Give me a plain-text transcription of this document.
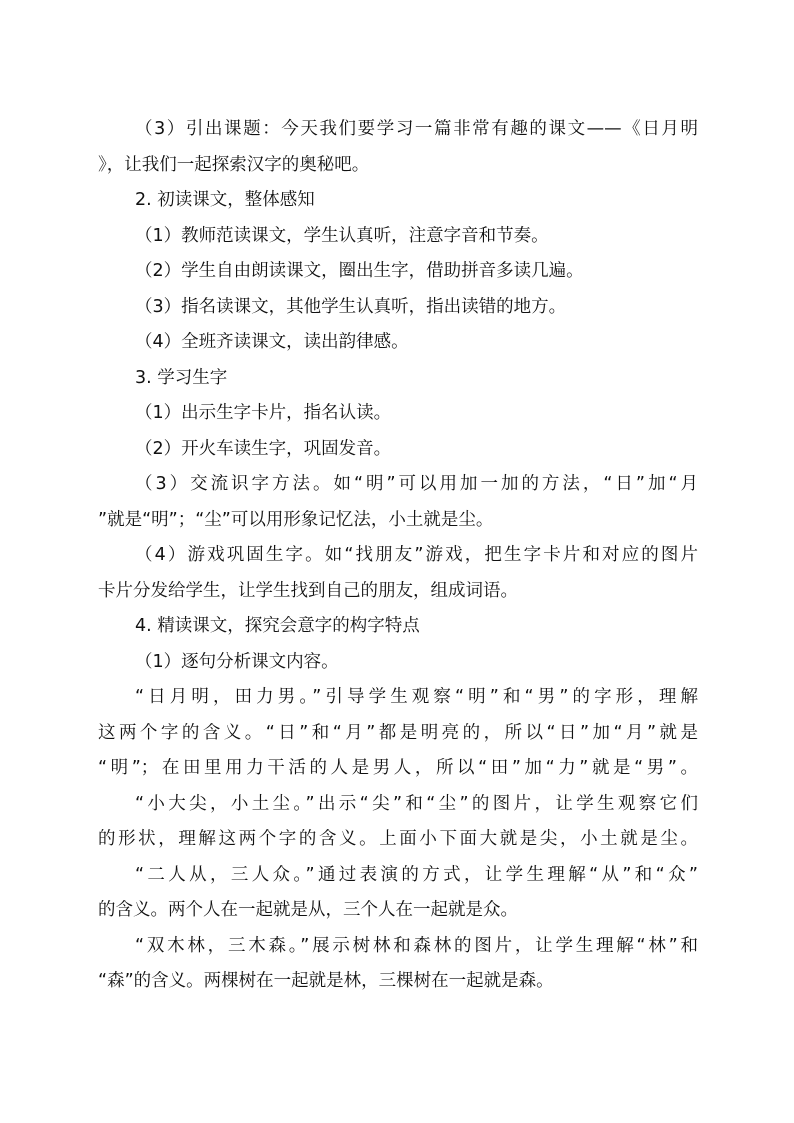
（3）引出课题：今天我们要学习一篇非常有趣的课文——《日月明
》，让我们一起探索汉字的奥秘吧。
2. 初读课文，整体感知
（1）教师范读课文，学生认真听，注意字音和节奏。
（2）学生自由朗读课文，圈出生字，借助拼音多读几遍。
（3）指名读课文，其他学生认真听，指出读错的地方。
（4）全班齐读课文，读出韵律感。
3. 学习生字
（1）出示生字卡片，指名认读。
（2）开火车读生字，巩固发音。
（3）交流识字方法。如“明”可以用加一加的方法，“日”加“月
”就是“明”；“尘”可以用形象记忆法，小土就是尘。
（4）游戏巩固生字。如“找朋友”游戏，把生字卡片和对应的图片
卡片分发给学生，让学生找到自己的朋友，组成词语。
4. 精读课文，探究会意字的构字特点
（1）逐句分析课文内容。
“日月明，田力男。”引导学生观察“明”和“男”的字形，理解
这两个字的含义。“日”和“月”都是明亮的，所以“日”加“月”就是
“明”；在田里用力干活的人是男人，所以“田”加“力”就是“男”。
“小大尖，小土尘。”出示“尖”和“尘”的图片，让学生观察它们
的形状，理解这两个字的含义。上面小下面大就是尖，小土就是尘。
“二人从，三人众。”通过表演的方式，让学生理解“从”和“众”
的含义。两个人在一起就是从，三个人在一起就是众。
“双木林，三木森。”展示树林和森林的图片，让学生理解“林”和
“森”的含义。两棵树在一起就是林，三棵树在一起就是森。
